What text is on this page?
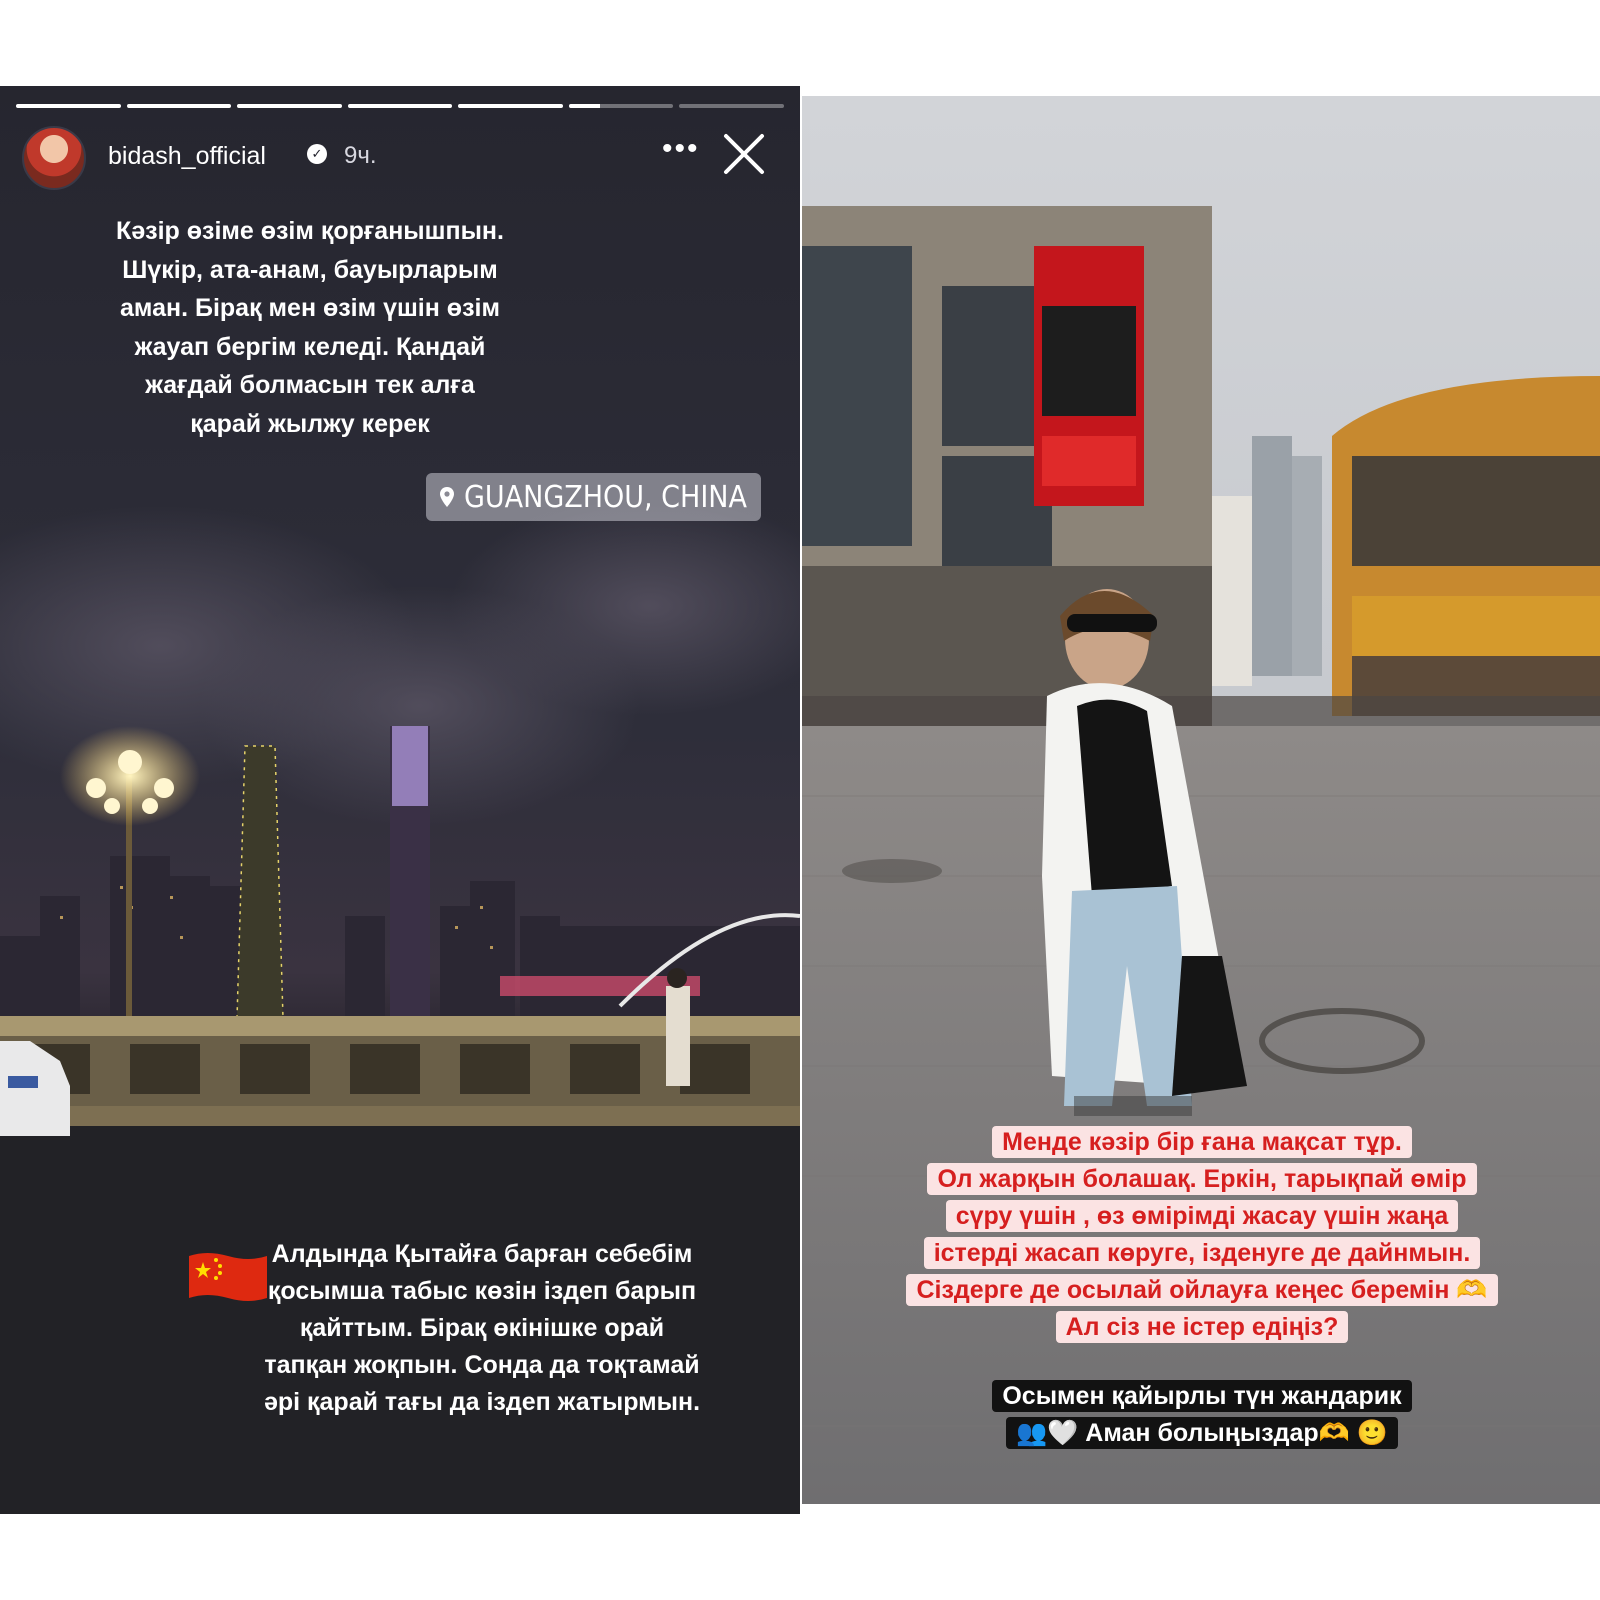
bidash_official	✓ 9ч.	•••
Кәзір өзіме өзім қорғанышпын.
Шүкір, ата-анам, бауырларым
аман. Бірақ мен өзім үшін өзім
жауап бергім келеді. Қандай
жағдай болмасын тек алға
қарай жылжу керек
GUANGZHOU, CHINA
Алдында Қытайға барған себебім
қосымша табыс көзін іздеп барып
қайттым. Бірақ өкінішке орай
тапқан жоқпын. Сонда да тоқтамай
әрі қарай тағы да іздеп жатырмын.
Менде кәзір бір ғана мақсат тұр.
Ол жарқын болашақ. Еркін, тарықпай өмір
сүру үшін , өз өмірімді жасау үшін жаңа
істерді жасап көруге, ізденуге де дайнмын.
Сіздерге де осылай ойлауға кеңес беремін 🫶
Ал сіз не істер едіңіз?
Осымен қайырлы түн жандарик
👥🤍 Аман болыңыздар🫶 🙂
